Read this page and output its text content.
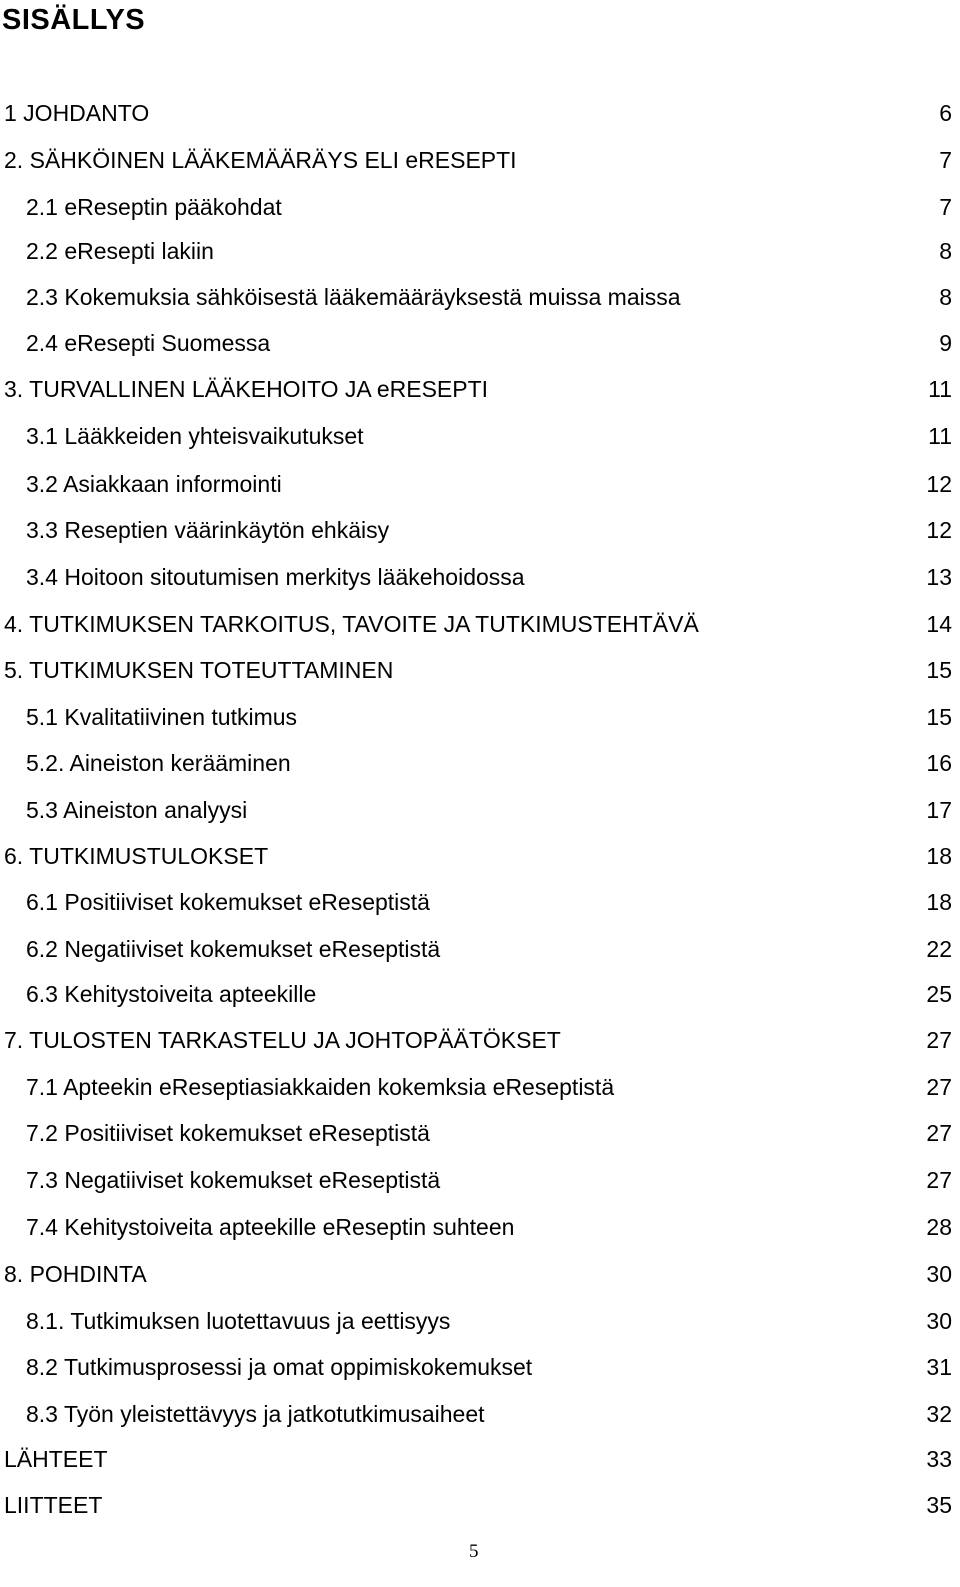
SISÄLLYS
1 JOHDANTO	6
2. SÄHKÖINEN LÄÄKEMÄÄRÄYS ELI eRESEPTI	7
2.1 eReseptin pääkohdat	7
2.2 eResepti lakiin	8
2.3 Kokemuksia sähköisestä lääkemääräyksestä muissa maissa	8
2.4 eResepti Suomessa	9
3. TURVALLINEN LÄÄKEHOITO JA eRESEPTI	11
3.1 Lääkkeiden yhteisvaikutukset	11
3.2 Asiakkaan informointi	12
3.3 Reseptien väärinkäytön ehkäisy	12
3.4 Hoitoon sitoutumisen merkitys lääkehoidossa	13
4. TUTKIMUKSEN TARKOITUS, TAVOITE JA TUTKIMUSTEHTÄVÄ	14
5. TUTKIMUKSEN TOTEUTTAMINEN	15
5.1 Kvalitatiivinen tutkimus	15
5.2. Aineiston kerääminen	16
5.3 Aineiston analyysi	17
6. TUTKIMUSTULOKSET	18
6.1 Positiiviset kokemukset eReseptistä	18
6.2 Negatiiviset kokemukset eReseptistä	22
6.3 Kehitystoiveita apteekille	25
7. TULOSTEN TARKASTELU JA JOHTOPÄÄTÖKSET	27
7.1 Apteekin eReseptiasiakkaiden kokemksia eReseptistä	27
7.2 Positiiviset kokemukset eReseptistä	27
7.3 Negatiiviset kokemukset eReseptistä	27
7.4 Kehitystoiveita apteekille eReseptin suhteen	28
8. POHDINTA	30
8.1. Tutkimuksen luotettavuus ja eettisyys	30
8.2 Tutkimusprosessi ja omat oppimiskokemukset	31
8.3 Työn yleistettävyys ja jatkotutkimusaiheet	32
LÄHTEET	33
LIITTEET	35
5
